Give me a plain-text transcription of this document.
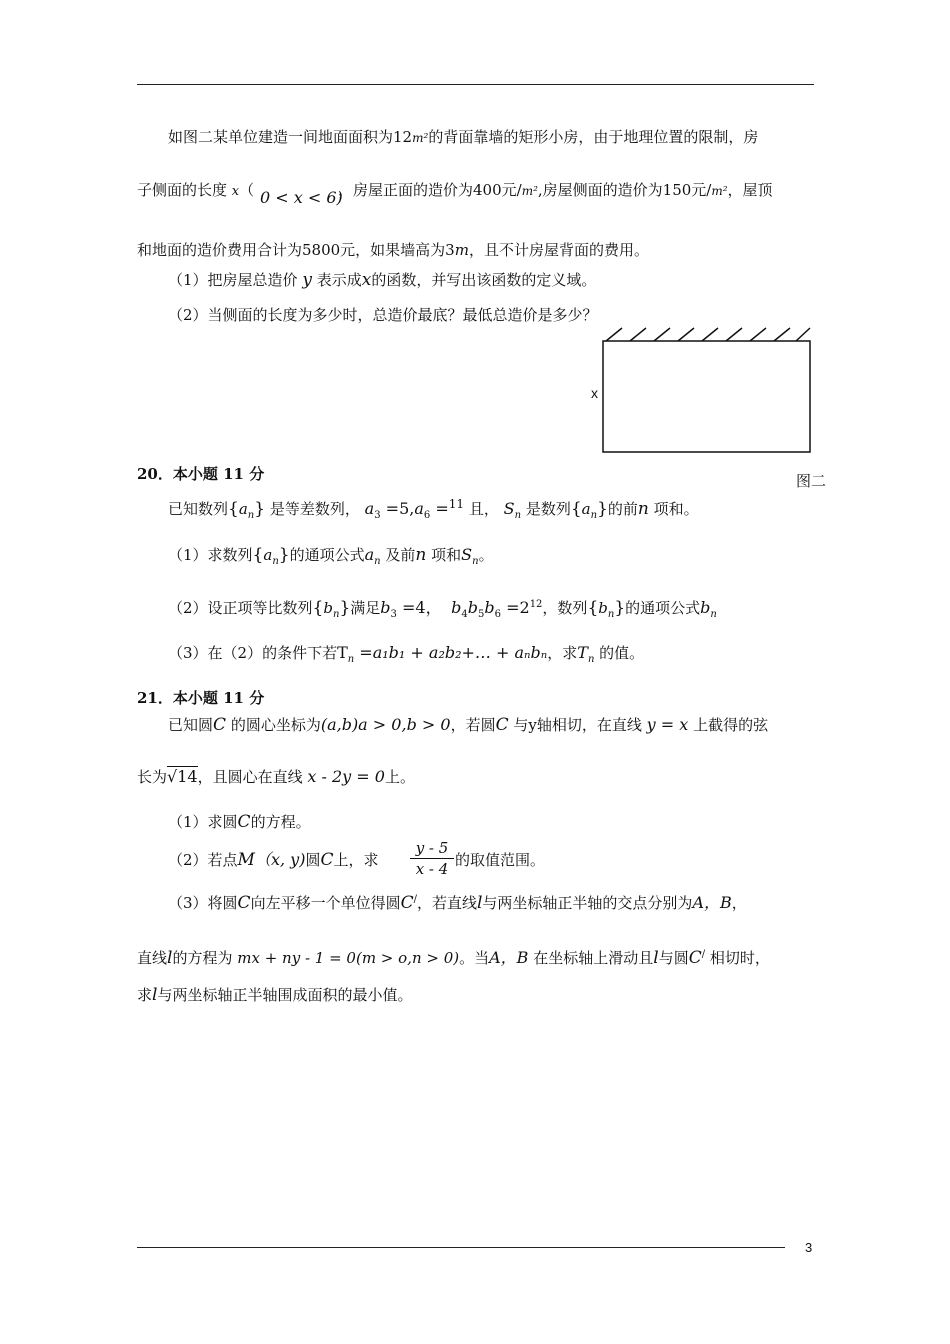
如图二某单位建造一间地面面积为12m²的背面靠墙的矩形小房，由于地理位置的限制，房
子侧面的长度 x（ 0 < x < 6)
，房屋正面的造价为400元/m²,房屋侧面的造价为150元/m²，屋顶
和地面的造价费用合计为5800元，如果墙高为3m，且不计房屋背面的费用。
（1）把房屋总造价 y 表示成x的函数，并写出该函数的定义域。
（2）当侧面的长度为多少时，总造价最底？最低总造价是多少？
x
图二
20．本小题 11 分
已知数列$\{a_n\}$ 是等差数列， $a_3 =5,a_6 =^{11}$ 且， $S_n$ 是数列$\{a_n\}$的前n 项和。
（1）求数列$\{a_n\}$的通项公式$a_n$ 及前n 项和$S_n$。
（2）设正项等比数列$\{b_n\}$满足$b_3 =4$， $b_4b_5b_6 =2^{12}$，数列$\{b_n\}$的通项公式$b_n$
（3）在（2）的条件下若$T_n =a_1b_1$ + a₂b₂+… + aₙbₙ，求$T_n$ 的值。
21．本小题 11 分
已知圆C 的圆心坐标为(a,b)a > 0,b > 0，若圆C 与y轴相切，在直线 y = x 上截得的弦
长为√14，且圆心在直线 x - 2y = 0上。
（1）求圆C的方程。
（2）若点M（x, y)圆C上，求
y - 5
x - 4 的取值范围。
（3）将圆C向左平移一个单位得圆C/，若直线l与两坐标轴正半轴的交点分别为A，B，
直线l的方程为 mx + ny - 1 = 0(m > o,n > 0)。当A，B 在坐标轴上滑动且l与圆C/ 相切时，
求l与两坐标轴正半轴围成面积的最小值。
3
